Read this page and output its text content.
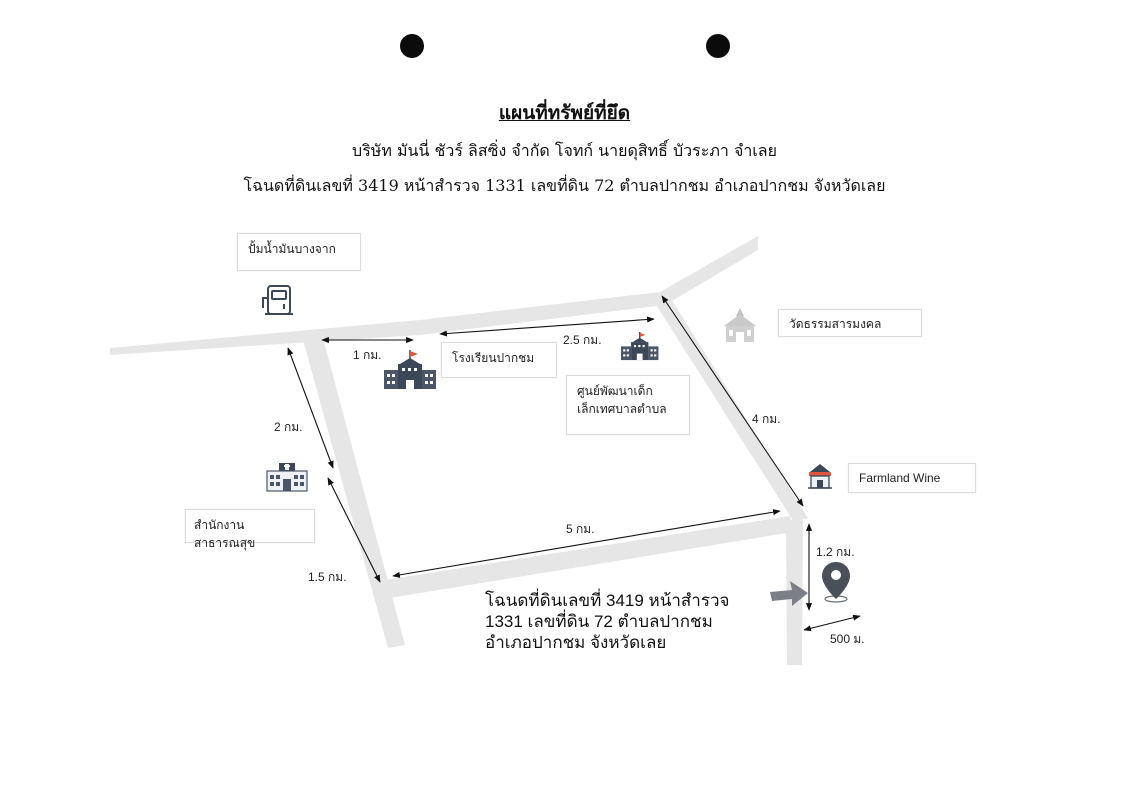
แผนที่ทรัพย์ที่ยึด
บริษัท มันนี่ ชัวร์ ลิสซิ่ง จำกัด โจทก์ นายดุสิทธิ์ บัวระภา จำเลย
โฉนดที่ดินเลขที่ 3419 หน้าสำรวจ 1331 เลขที่ดิน 72 ตำบลปากชม อำเภอปากชม จังหวัดเลย
ปั้มน้ำมันบางจาก
โรงเรียนปากชม
ศูนย์พัฒนาเด็ก
เล็กเทศบาลตำบล
วัดธรรมสารมงคล
Farmland Wine
สำนักงานสาธารณสุข
1 กม.
2.5 กม.
2 กม.
4 กม.
5 กม.
1.5 กม.
1.2 กม.
500 ม.
โฉนดที่ดินเลขที่ 3419 หน้าสำรวจ
1331 เลขที่ดิน 72 ตำบลปากชม
อำเภอปากชม จังหวัดเลย
